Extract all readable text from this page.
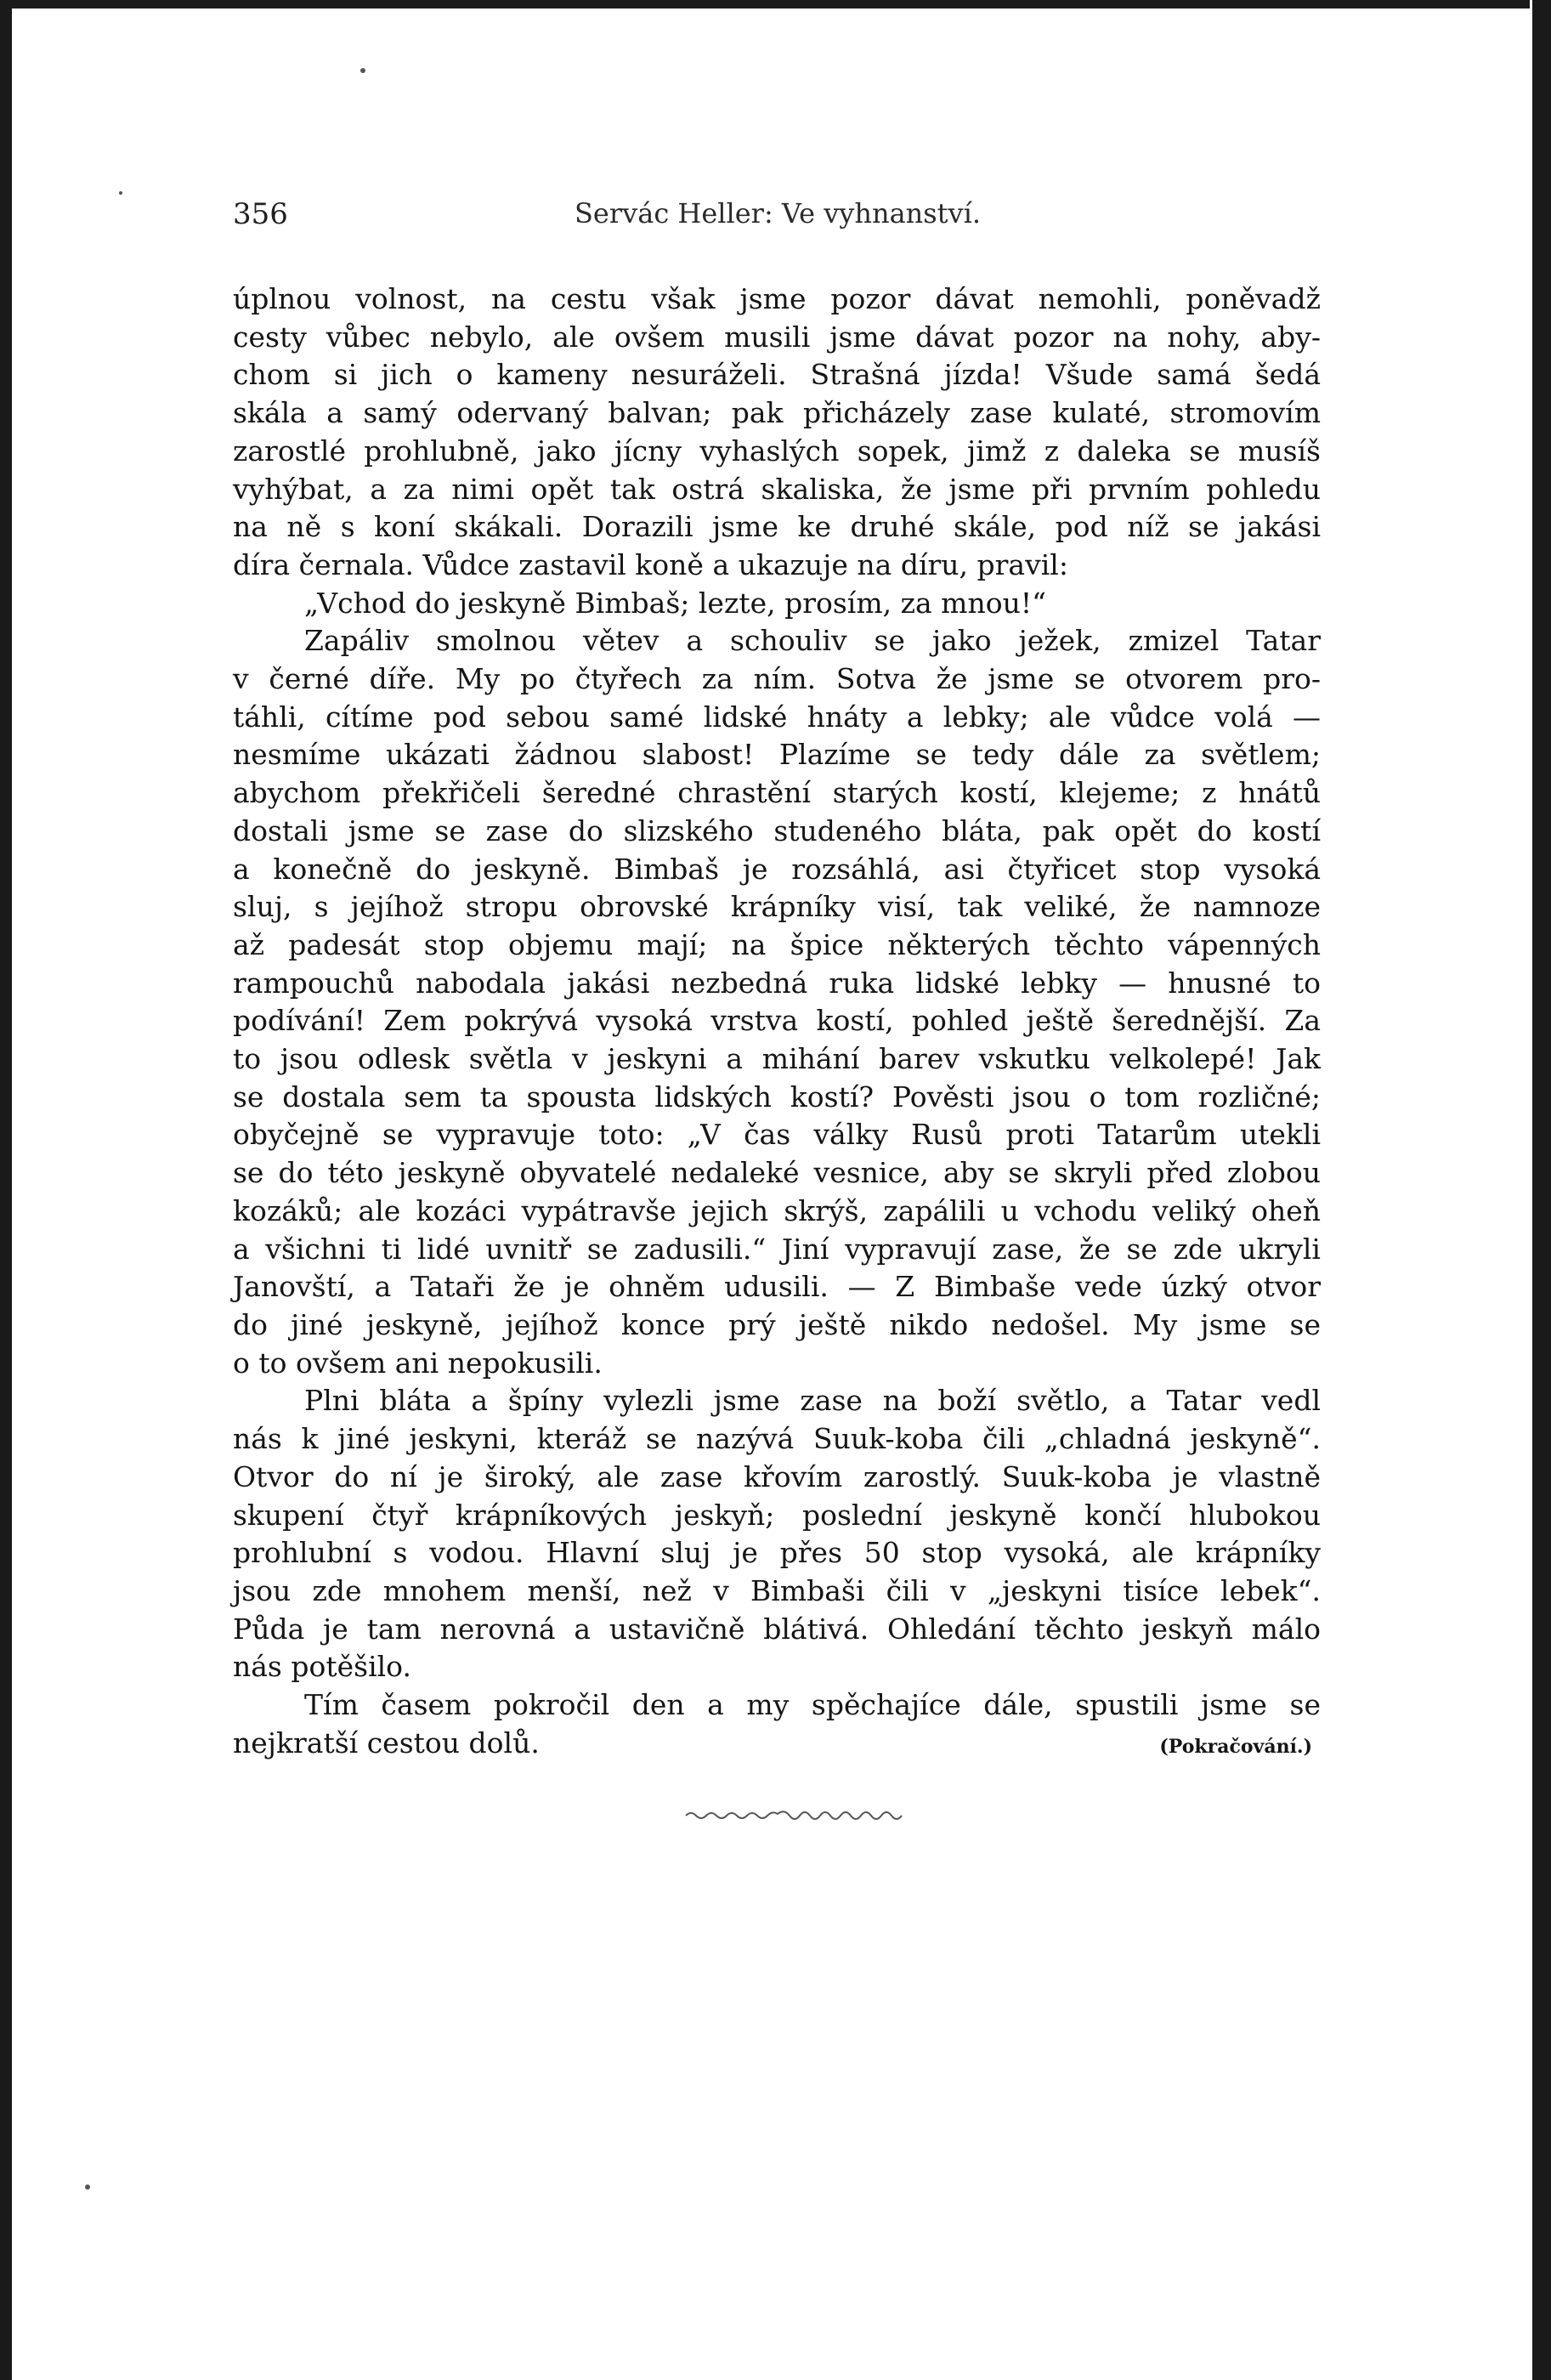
356	Servác Heller: Ve vyhnanství.
úplnou volnost, na cestu však jsme pozor dávat nemohli, poněvadž
cesty vůbec nebylo, ale ovšem musili jsme dávat pozor na nohy, aby-
chom si jich o kameny nesuráželi. Strašná jízda! Všude samá šedá
skála a samý odervaný balvan; pak přicházely zase kulaté, stromovím
zarostlé prohlubně, jako jícny vyhaslých sopek, jimž z daleka se musíš
vyhýbat, a za nimi opět tak ostrá skaliska, že jsme při prvním pohledu
na ně s koní skákali. Dorazili jsme ke druhé skále, pod níž se jakási
díra černala. Vůdce zastavil koně a ukazuje na díru, pravil:
„Vchod do jeskyně Bimbaš; lezte, prosím, za mnou!“
Zapáliv smolnou větev a schouliv se jako ježek, zmizel Tatar
v černé díře. My po čtyřech za ním. Sotva že jsme se otvorem pro-
táhli, cítíme pod sebou samé lidské hnáty a lebky; ale vůdce volá —
nesmíme ukázati žádnou slabost! Plazíme se tedy dále za světlem;
abychom překřičeli šeredné chrastění starých kostí, klejeme; z hnátů
dostali jsme se zase do slizského studeného bláta, pak opět do kostí
a konečně do jeskyně. Bimbaš je rozsáhlá, asi čtyřicet stop vysoká
sluj, s jejíhož stropu obrovské krápníky visí, tak veliké, že namnoze
až padesát stop objemu mají; na špice některých těchto vápenných
rampouchů nabodala jakási nezbedná ruka lidské lebky — hnusné to
podívání! Zem pokrývá vysoká vrstva kostí, pohled ještě šerednější. Za
to jsou odlesk světla v jeskyni a mihání barev vskutku velkolepé! Jak
se dostala sem ta spousta lidských kostí? Pověsti jsou o tom rozličné;
obyčejně se vypravuje toto: „V čas války Rusů proti Tatarům utekli
se do této jeskyně obyvatelé nedaleké vesnice, aby se skryli před zlobou
kozáků; ale kozáci vypátravše jejich skrýš, zapálili u vchodu veliký oheň
a všichni ti lidé uvnitř se zadusili.“ Jiní vypravují zase, že se zde ukryli
Janovští, a Tataři že je ohněm udusili. — Z Bimbaše vede úzký otvor
do jiné jeskyně, jejíhož konce prý ještě nikdo nedošel. My jsme se
o to ovšem ani nepokusili.
Plni bláta a špíny vylezli jsme zase na boží světlo, a Tatar vedl
nás k jiné jeskyni, kteráž se nazývá Suuk-koba čili „chladná jeskyně“.
Otvor do ní je široký, ale zase křovím zarostlý. Suuk-koba je vlastně
skupení čtyř krápníkových jeskyň; poslední jeskyně končí hlubokou
prohlubní s vodou. Hlavní sluj je přes 50 stop vysoká, ale krápníky
jsou zde mnohem menší, než v Bimbaši čili v „jeskyni tisíce lebek“.
Půda je tam nerovná a ustavičně blátivá. Ohledání těchto jeskyň málo
nás potěšilo.
Tím časem pokročil den a my spěchajíce dále, spustili jsme se
nejkratší cestou dolů.	(Pokračování.)
